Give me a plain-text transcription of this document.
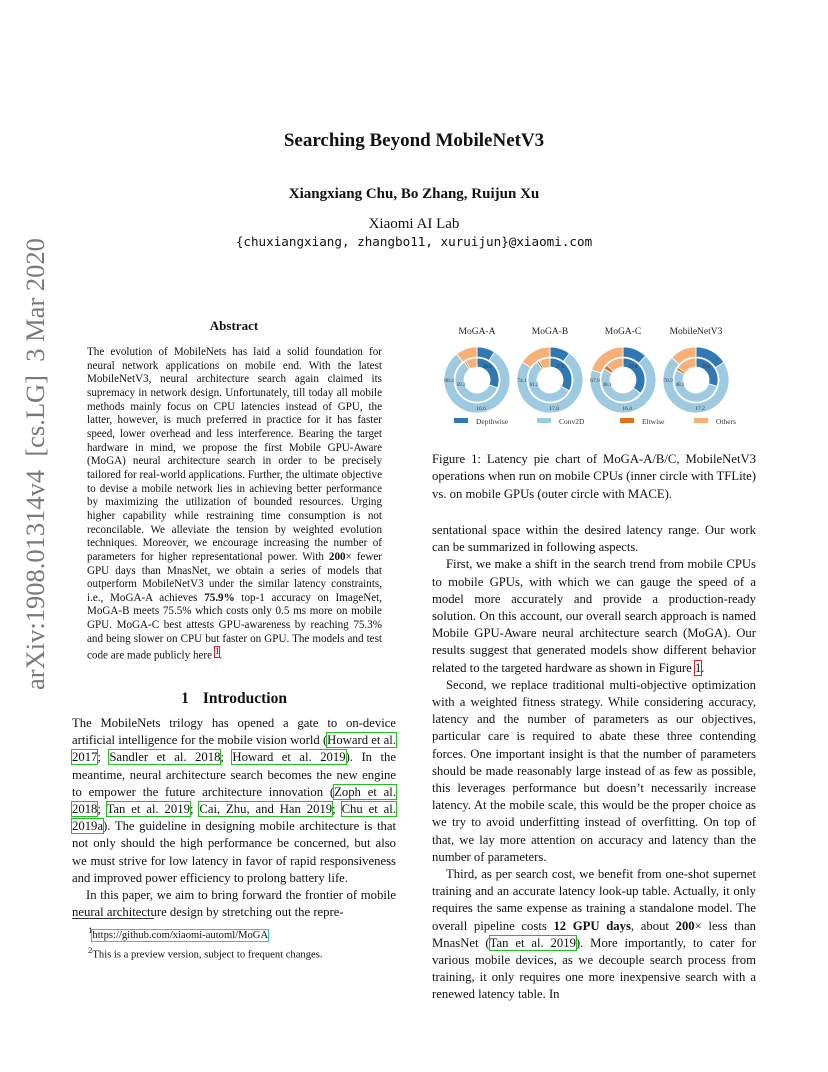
Searching Beyond MobileNetV3
Xiangxiang Chu, Bo Zhang, Ruijun Xu
Xiaomi AI Lab
{chuxiangxiang, zhangbo11, xuruijun}@xiaomi.com
arXiv:1908.01314v4  [cs.LG]  3 Mar 2020	Abstract
The evolution of MobileNets has laid a solid foundation for neural network applications on mobile end. With the latest MobileNetV3, neural architecture search again claimed its supremacy in network design. Unfortunately, till today all mobile methods mainly focus on CPU latencies instead of GPU, the latter, however, is much preferred in practice for it has faster speed, lower overhead and less interference. Bearing the target hardware in mind, we propose the first Mobile GPU-Aware (MoGA) neural architecture search in order to be precisely tailored for real-world applications. Further, the ultimate objective to devise a mobile network lies in achieving better performance by maximizing the utilization of bounded resources. Urging higher capability while restraining time consumption is not reconcilable. We alleviate the tension by weighted evolution techniques. Moreover, we encourage increasing the number of parameters for higher representational power. With 200× fewer GPU days than MnasNet, we obtain a series of models that outperform MobileNetV3 under the similar latency constraints, i.e., MoGA-A achieves 75.9% top-1 accuracy on ImageNet, MoGA-B meets 75.5% which costs only 0.5 ms more on mobile GPU. MoGA-C best attests GPU-awareness by reaching 75.3% and being slower on CPU but faster on GPU. The models and test code are made publicly here $^1$.
1 Introduction

The MobileNets trilogy has opened a gate to on-device artificial intelligence for the mobile vision world (Howard et al. 2017; Sandler et al. 2018; Howard et al. 2019). In the meantime, neural architecture search becomes the new engine to empower the future architecture innovation (Zoph et al. 2018; Tan et al. 2019; Cai, Zhu, and Han 2019; Chu et al. 2019a). The guideline in designing mobile architecture is that not only should the high performance be concerned, but also we must strive for low latency in favor of rapid responsiveness and improved power efficiency to prolong battery life.

In this paper, we aim to bring forward the frontier of mobile neural architecture design by stretching out the repre-

$^1$https://github.com/xiaomi-automl/MoGA
$^2$This is a preview version, subject to frequent changes.
MoGA-A
80.4
10.6
59.2
30.9
MoGA-B
74.1
17.0
61.2
27.6
MoGA-C
67.9
16.4
48.1
33.4
MobileNetV3
70.9
17.2
48.2
29.6
Depthwise	Conv2D	Eltwise	Others
Figure 1: Latency pie chart of MoGA-A/B/C, MobileNetV3 operations when run on mobile CPUs (inner circle with TFLite) vs. on mobile GPUs (outer circle with MACE).

sentational space within the desired latency range. Our work can be summarized in following aspects.

First, we make a shift in the search trend from mobile CPUs to mobile GPUs, with which we can gauge the speed of a model more accurately and provide a production-ready solution. On this account, our overall search approach is named Mobile GPU-Aware neural architecture search (MoGA). Our results suggest that generated models show different behavior related to the targeted hardware as shown in Figure 1.

Second, we replace traditional multi-objective optimization with a weighted fitness strategy. While considering accuracy, latency and the number of parameters as our objectives, particular care is required to abate these three contending forces. One important insight is that the number of parameters should be made reasonably large instead of as few as possible, this leverages performance but doesn’t necessarily increase latency. At the mobile scale, this would be the proper choice as we try to avoid underfitting instead of overfitting. On top of that, we lay more attention on accuracy and latency than the number of parameters.

Third, as per search cost, we benefit from one-shot supernet training and an accurate latency look-up table. Actually, it only requires the same expense as training a standalone model. The overall pipeline costs 12 GPU days, about 200× less than MnasNet (Tan et al. 2019). More importantly, to cater for various mobile devices, as we decouple search process from training, it only requires one more inexpensive search with a renewed latency table. In
